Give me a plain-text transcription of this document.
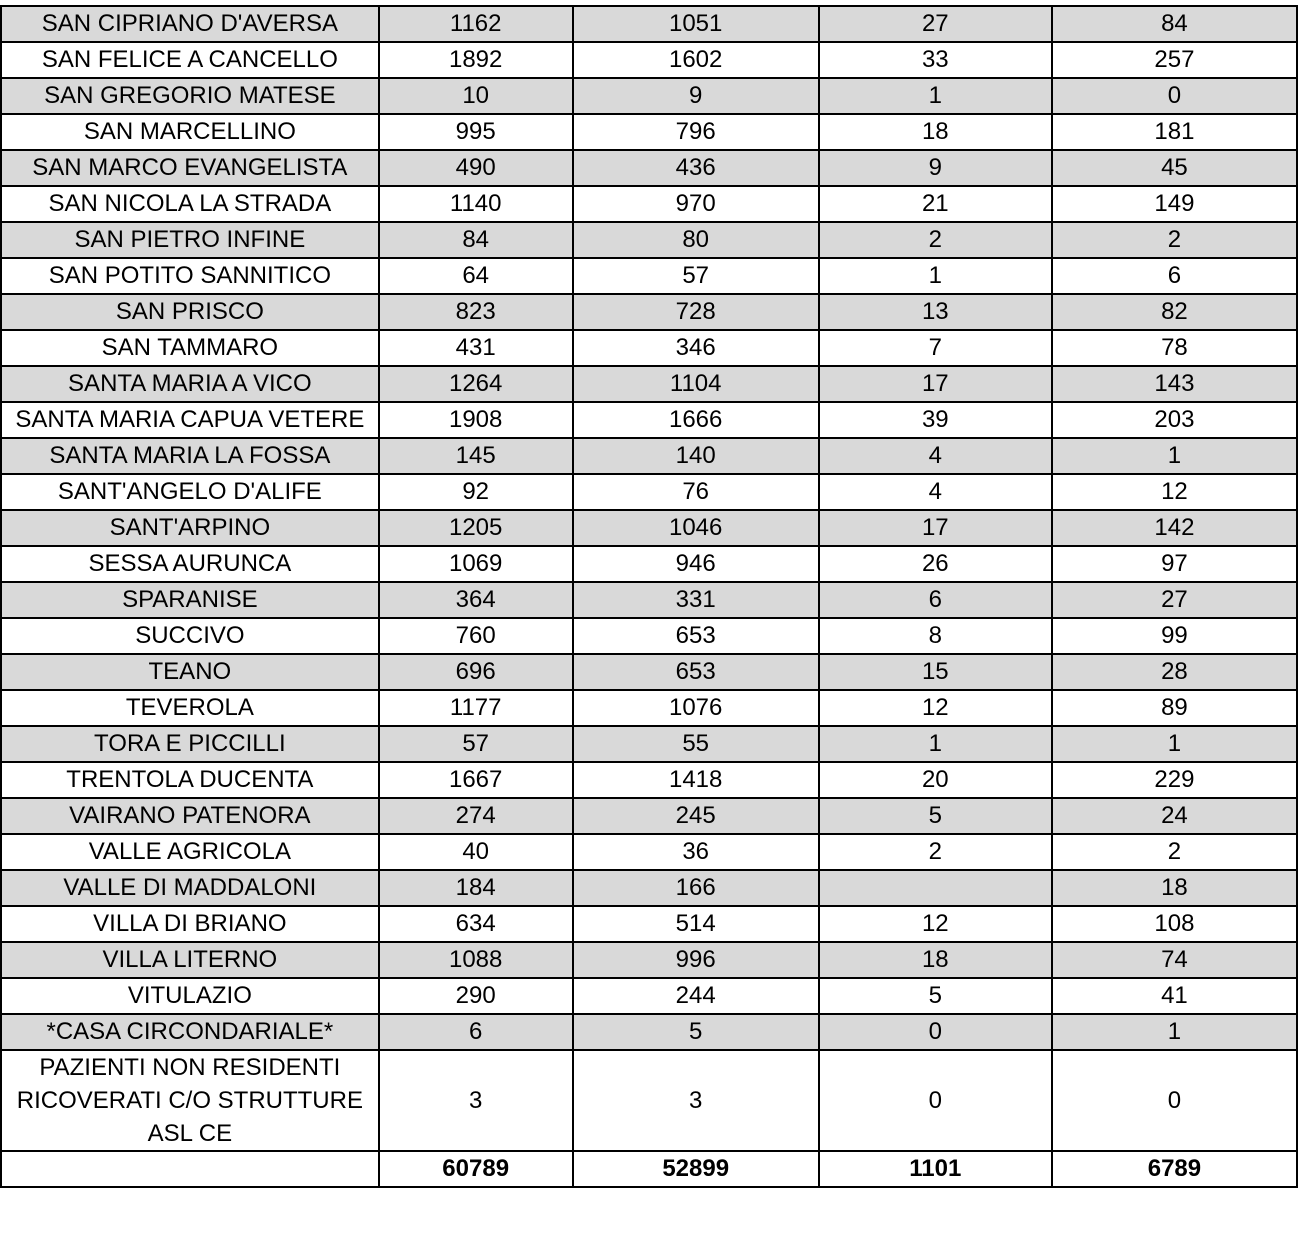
SAN CIPRIANO D'AVERSA	1162	1051	27	84
SAN FELICE A CANCELLO	1892	1602	33	257
SAN GREGORIO MATESE	10	9	1	0
SAN MARCELLINO	995	796	18	181
SAN MARCO EVANGELISTA	490	436	9	45
SAN NICOLA LA STRADA	1140	970	21	149
SAN PIETRO INFINE	84	80	2	2
SAN POTITO SANNITICO	64	57	1	6
SAN PRISCO	823	728	13	82
SAN TAMMARO	431	346	7	78
SANTA MARIA A VICO	1264	1104	17	143
SANTA MARIA CAPUA VETERE	1908	1666	39	203
SANTA MARIA LA FOSSA	145	140	4	1
SANT'ANGELO D'ALIFE	92	76	4	12
SANT'ARPINO	1205	1046	17	142
SESSA AURUNCA	1069	946	26	97
SPARANISE	364	331	6	27
SUCCIVO	760	653	8	99
TEANO	696	653	15	28
TEVEROLA	1177	1076	12	89
TORA E PICCILLI	57	55	1	1
TRENTOLA DUCENTA	1667	1418	20	229
VAIRANO PATENORA	274	245	5	24
VALLE AGRICOLA	40	36	2	2
VALLE DI MADDALONI	184	166		18
VILLA DI BRIANO	634	514	12	108
VILLA LITERNO	1088	996	18	74
VITULAZIO	290	244	5	41
*CASA CIRCONDARIALE*	6	5	0	1
PAZIENTI NON RESIDENTI RICOVERATI C/O STRUTTURE ASL CE	3	3	0	0
	60789	52899	1101	6789
